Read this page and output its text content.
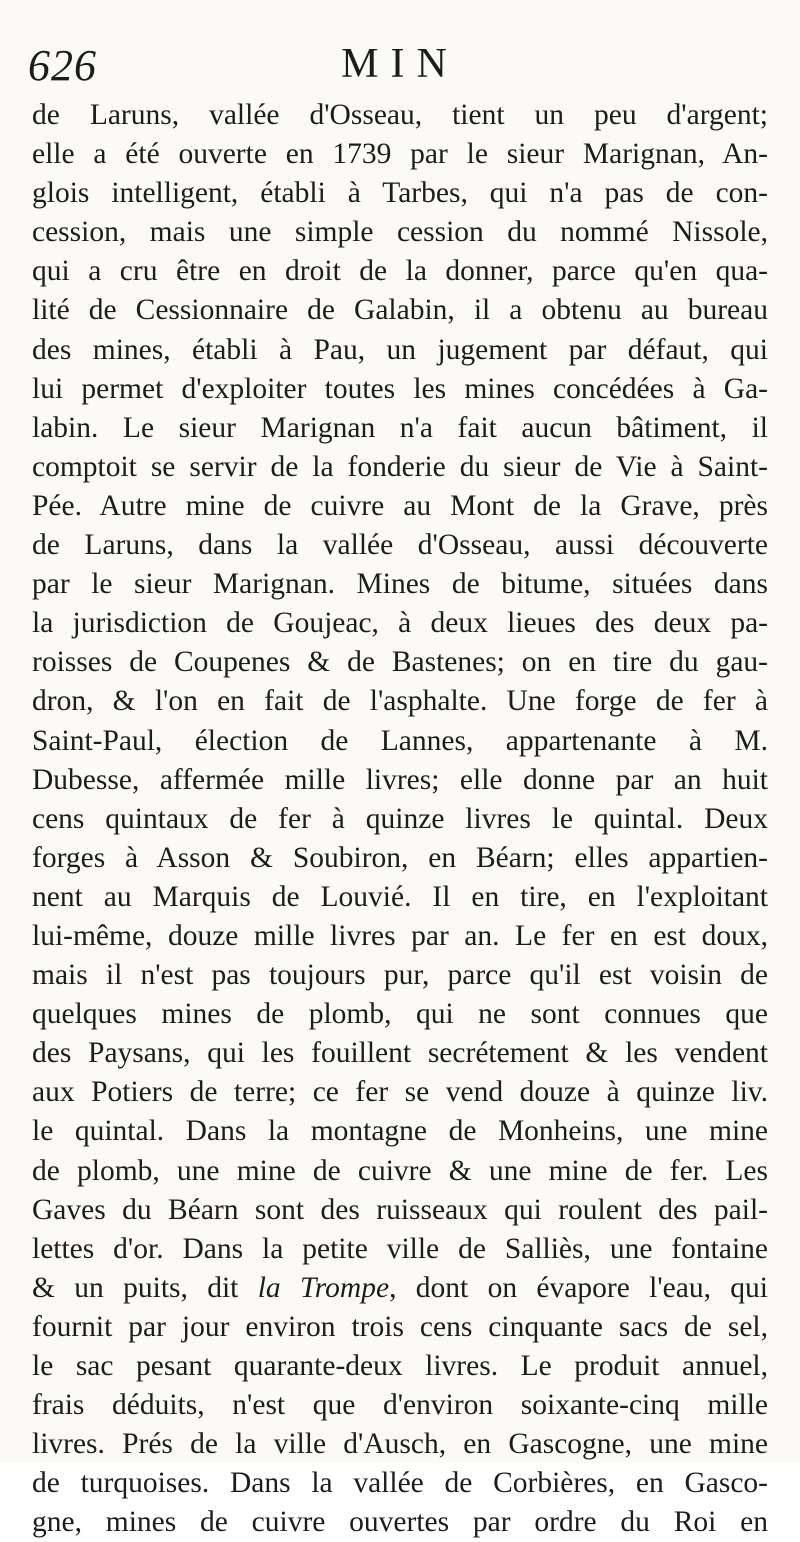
626	MIN
de Laruns, vallée d'Osseau, tient un peu d'argent;
elle a été ouverte en 1739 par le sieur Marignan, An-
glois intelligent, établi à Tarbes, qui n'a pas de con-
cession, mais une simple cession du nommé Nissole,
qui a cru être en droit de la donner, parce qu'en qua-
lité de Cessionnaire de Galabin, il a obtenu au bureau
des mines, établi à Pau, un jugement par défaut, qui
lui permet d'exploiter toutes les mines concédées à Ga-
labin. Le sieur Marignan n'a fait aucun bâtiment, il
comptoit se servir de la fonderie du sieur de Vie à Saint-
Pée. Autre mine de cuivre au Mont de la Grave, près
de Laruns, dans la vallée d'Osseau, aussi découverte
par le sieur Marignan. Mines de bitume, situées dans
la jurisdiction de Goujeac, à deux lieues des deux pa-
roisses de Coupenes & de Bastenes; on en tire du gau-
dron, & l'on en fait de l'asphalte. Une forge de fer à
Saint-Paul, élection de Lannes, appartenante à M.
Dubesse, affermée mille livres; elle donne par an huit
cens quintaux de fer à quinze livres le quintal. Deux
forges à Asson & Soubiron, en Béarn; elles appartien-
nent au Marquis de Louvié. Il en tire, en l'exploitant
lui-même, douze mille livres par an. Le fer en est doux,
mais il n'est pas toujours pur, parce qu'il est voisin de
quelques mines de plomb, qui ne sont connues que
des Paysans, qui les fouillent secrétement & les vendent
aux Potiers de terre; ce fer se vend douze à quinze liv.
le quintal. Dans la montagne de Monheins, une mine
de plomb, une mine de cuivre & une mine de fer. Les
Gaves du Béarn sont des ruisseaux qui roulent des pail-
lettes d'or. Dans la petite ville de Salliès, une fontaine
& un puits, dit la Trompe, dont on évapore l'eau, qui
fournit par jour environ trois cens cinquante sacs de sel,
le sac pesant quarante-deux livres. Le produit annuel,
frais déduits, n'est que d'environ soixante-cinq mille
livres. Prés de la ville d'Ausch, en Gascogne, une mine
de turquoises. Dans la vallée de Corbières, en Gasco-
gne, mines de cuivre ouvertes par ordre du Roi en
